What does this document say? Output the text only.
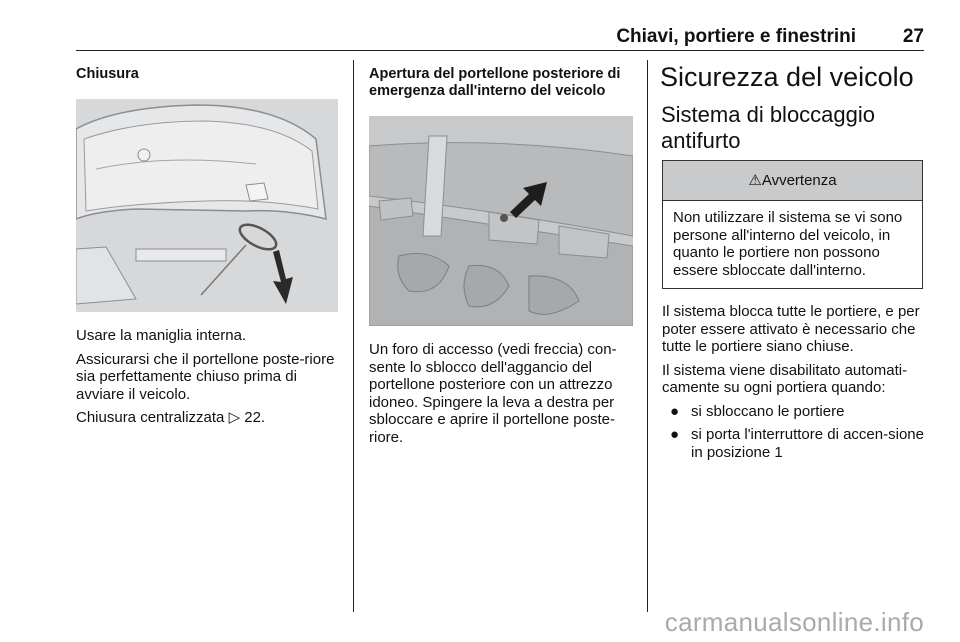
Chiavi, portiere e finestrini 27
Chiusura

Usare la maniglia interna.

Assicurarsi che il portellone poste-riore sia perfettamente chiuso prima di avviare il veicolo.

Chiusura centralizzata ▷ 22.

Apertura del portellone posteriore di emergenza dall'interno del veicolo

Un foro di accesso (vedi freccia) con-sente lo sblocco dell'aggancio del portellone posteriore con un attrezzo idoneo. Spingere la leva a destra per sbloccare e aprire il portellone poste-riore.

Sicurezza del veicolo
Sistema di bloccaggio antifurto
⚠Avvertenza
Non utilizzare il sistema se vi sono persone all'interno del veicolo, in quanto le portiere non possono essere sbloccate dall'interno.

Il sistema blocca tutte le portiere, e per poter essere attivato è necessario che tutte le portiere siano chiuse.

Il sistema viene disabilitato automati-camente su ogni portiera quando:

● si sbloccano le portiere
● si porta l'interruttore di accen-sione in posizione 1
carmanualsonline.info
